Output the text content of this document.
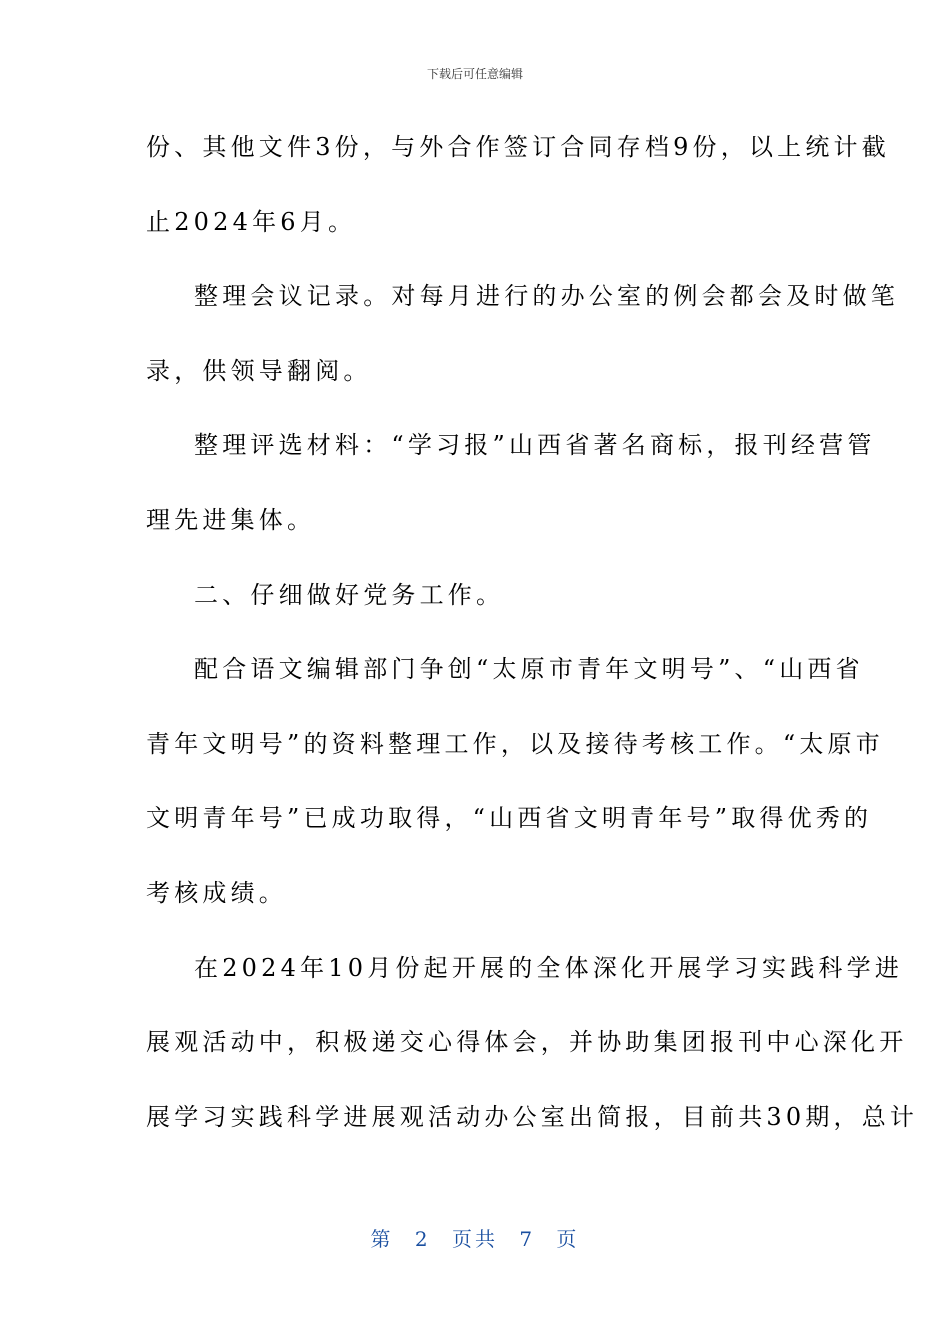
下载后可任意编辑
份、其他文件3份，与外合作签订合同存档9份，以上统计截
止2024年6月。
整理会议记录。对每月进行的办公室的例会都会及时做笔
录，供领导翻阅。
整理评选材料：“学习报”山西省著名商标，报刊经营管
理先进集体。
二、仔细做好党务工作。
配合语文编辑部门争创“太原市青年文明号”、“山西省
青年文明号”的资料整理工作，以及接待考核工作。“太原市
文明青年号”已成功取得，“山西省文明青年号”取得优秀的
考核成绩。
在2024年10月份起开展的全体深化开展学习实践科学进
展观活动中，积极递交心得体会，并协助集团报刊中心深化开
展学习实践科学进展观活动办公室出简报，目前共30期，总计
第 2 页共 7 页
